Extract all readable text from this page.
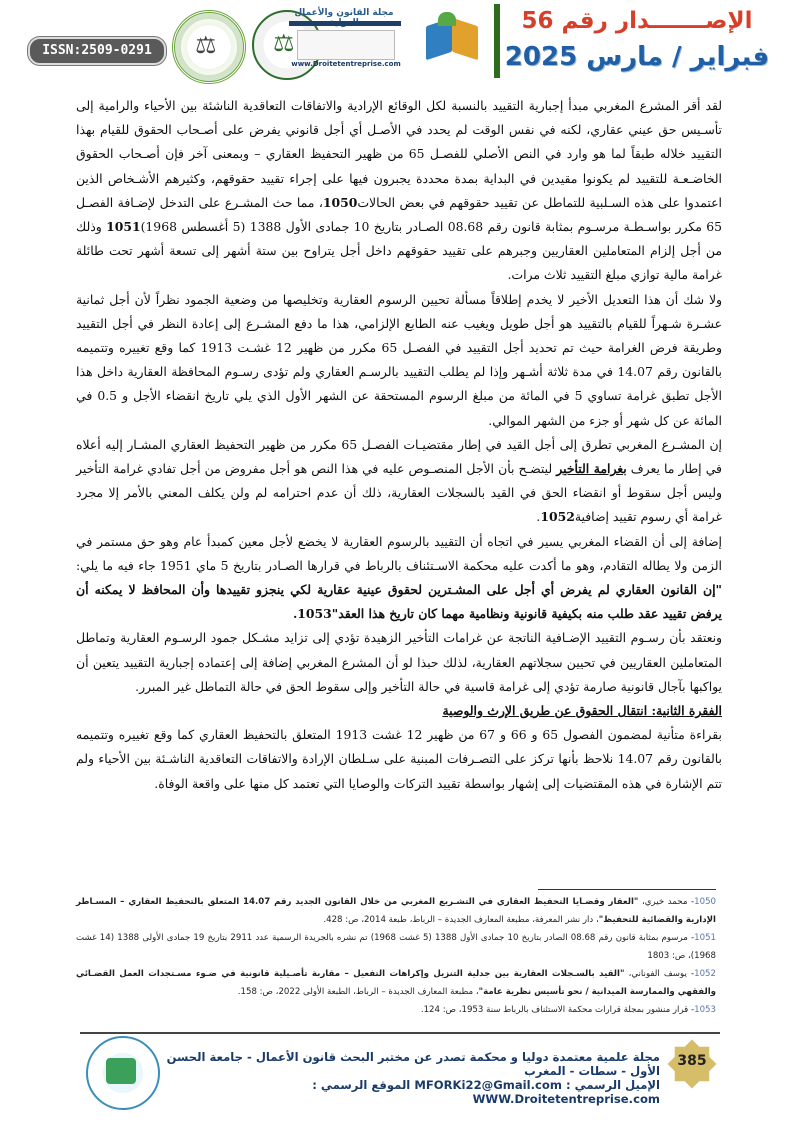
ISSN:2509-0291	⚖ ⚖
مجلة القانون والأعمال
www.Droitetentreprise.com
الإصـــــــدار رقم 56
فبراير / مارس 2025

لقد أقر المشرع المغربي مبدأ إجبارية التقييد بالنسبة لكل الوقائع الإرادية والاتفاقات التعاقدية الناشئة بين الأحياء والرامية إلى تأسـيس حق عيني عقاري، لكنه في نفس الوقت لم يحدد في الأصـل أي أجل قانوني يفرض على أصـحاب الحقوق للقيام بهذا التقييد خلاله طبقاً لما هو وارد في النص الأصلي للفصـل 65 من ظهير التحفيظ العقاري – وبمعنى آخر فإن أصـحاب الحقوق الخاضـعـة للتقييد لم يكونوا مقيدين في البداية بمدة محددة يجبرون فيها على إجراء تقييد حقوقهم، وكثيرهم الأشـخاص الذين اعتمدوا على هذه السـلبية للتماطل عن تقييد حقوقهم في بعض الحالات1050، مما حث المشـرع على التدخل لإضـافة الفصـل 65 مكرر بواسـطـة مرسـوم بمثابة قانون رقم 08.68 الصـادر بتاريخ 10 جمادى الأول 1388 (5 أغسطس 1968)1051 وذلك من أجل إلزام المتعاملين العقاريين وجبرهم على تقييد حقوقهم داخل أجل يتراوح بين ستة أشهر إلى تسعة أشهر تحت طائلة غرامة مالية توازي مبلغ التقييد ثلاث مرات.

ولا شك أن هذا التعديل الأخير لا يخدم إطلاقاً مسألة تحيين الرسوم العقارية وتخليصها من وضعية الجمود نظراً لأن أجل ثمانية عشـرة شـهراً للقيام بالتقييد هو أجل طويل ويغيب عنه الطابع الإلزامي، هذا ما دفع المشـرع إلى إعادة النظر في أجل التقييد وطريقة فرض الغرامة حيث تم تحديد أجل التقييد في الفصـل 65 مكرر من ظهير 12 غشـت 1913 كما وقع تغييره وتتميمه بالقانون رقم 14.07 في مدة ثلاثة أشـهر وإذا لم يطلب التقييد بالرسـم العقاري ولم تؤدى رسـوم المحافظة العقارية داخل هذا الأجل تطبق غرامة تساوي 5 في المائة من مبلغ الرسوم المستحقة عن الشهر الأول الذي يلي تاريخ انقضاء الأجل و 0.5 في المائة عن كل شهر أو جزء من الشهر الموالي.

إن المشـرع المغربي تطرق إلى أجل القيد في إطار مقتضيـات الفصـل 65 مكرر من ظهير التحفيظ العقاري المشـار إليه أعلاه في إطار ما يعرف بغرامة التأخير ليتضـح بأن الأجل المنصـوص عليه في هذا النص هو أجل مفروض من أجل تفادي غرامة التأخير وليس أجل سقوط أو انقضاء الحق في القيد بالسجلات العقارية، ذلك أن عدم احترامه لم ولن يكلف المعني بالأمر إلا مجرد غرامة أي رسوم تقييد إضافية1052.

إضافة إلى أن القضاء المغربي يسير في اتجاه أن التقييد بالرسوم العقارية لا يخضع لأجل معين كمبدأ عام وهو حق مستمر في الزمن ولا يطاله التقادم، وهو ما أكدت عليه محكمة الاسـتئناف بالرباط في قرارها الصـادر بتاريخ 5 ماي 1951 جاء فيه ما يلي: "إن القانون العقاري لم يفرض أي أجل على المشـترين لحقوق عينية عقارية لكي ينجزو تقييدها وأن المحافظ لا يمكنه أن يرفض تقييد عقد طلب منه بكيفية قانونية ونظامية مهما كان تاريخ هذا العقد"1053.

ونعتقد بأن رسـوم التقييد الإضـافية الناتجة عن غرامات التأخير الزهيدة تؤدي إلى تزايد مشـكل جمود الرسـوم العقارية وتماطل المتعاملين العقاريين في تحيين سجلاتهم العقارية، لذلك حبذا لو أن المشرع المغربي إضافة إلى إعتماده إجبارية التقييد يتعين أن يواكبها بآجال قانونية صارمة تؤدي إلى غرامة قاسية في حالة التأخير وإلى سقوط الحق في حالة التماطل غير المبرر.

الفقرة الثانية: انتقال الحقوق عن طريق الإرث والوصية

بقراءة متأنية لمضمون الفصول 65 و 66 و 67 من ظهير 12 غشت 1913 المتعلق بالتحفيظ العقاري كما وقع تغييره وتتميمه بالقانون رقم 14.07 نلاحظ بأنها تركز على التصـرفات المبنية على سـلطان الإرادة والاتفاقات التعاقدية الناشـئة بين الأحياء ولم تتم الإشارة في هذه المقتضيات إلى إشهار بواسطة تقييد التركات والوصايا التي تعتمد كل منها على واقعة الوفاة.

1050- محمد خيري، "العقار وقضـايا التحفيظ العقاري في التشـريع المغربي من خلال القانون الجديد رقم 14.07 المتعلق بالتحفيظ العقاري – المسـاطر الإدارية والقضائية للتحفيظ"، دار نشر المعرفة، مطبعة المعارف الجديدة – الرباط، طبعة 2014، ص: 428.

1051- مرسوم بمثابة قانون رقم 08.68 الصادر بتاريخ 10 جمادى الأول 1388 (5 غشت 1968) تم نشره بالجريدة الرسمية عدد 2911 بتاريخ 19 جمادى الأولى 1388 (14 غشت 1968)، ص: 1803

1052- يوسف الفوناني، "القيد بالسـجلات العقارية بين جدلية التنزيل وإكراهات التفعيل – مقاربة تأصـيلية قانونية في ضـوء مسـتجدات العمل القضـائي والفقهي والممارسة الميدانية / نحو تأسيس نظرية عامة"، مطبعة المعارف الجديدة – الرباط، الطبعة الأولى 2022، ص: 158.

1053- قرار منشور بمجلة قرارات محكمة الاستئناف بالرباط سنة 1953، ص: 124.

385
مجلة علمية معتمدة دوليا و محكمة تصدر عن مختبر البحث قانون الأعمال - جامعة الحسن الأول - سطات - المغرب
الإميل الرسمي : MFORKi22@Gmail.com الموقع الرسمي : WWW.Droitetentreprise.com
